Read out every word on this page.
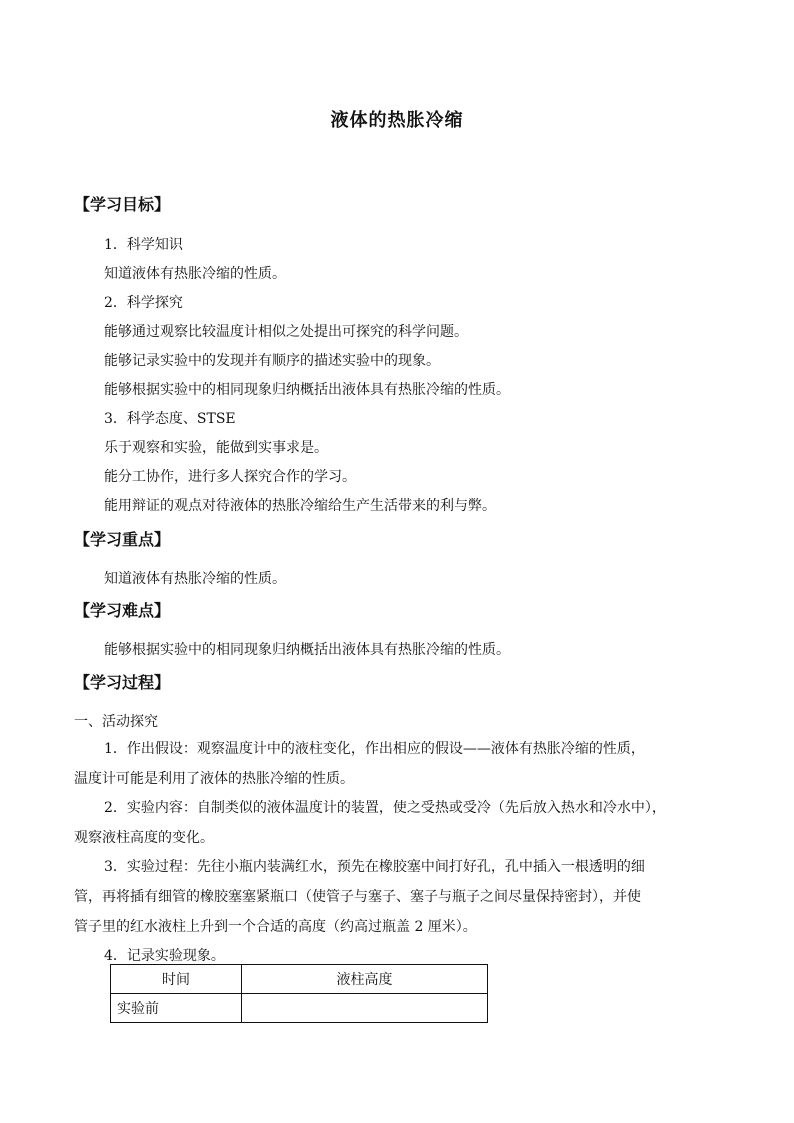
液体的热胀冷缩
【学习目标】
1．科学知识
知道液体有热胀冷缩的性质。
2．科学探究
能够通过观察比较温度计相似之处提出可探究的科学问题。
能够记录实验中的发现并有顺序的描述实验中的现象。
能够根据实验中的相同现象归纳概括出液体具有热胀冷缩的性质。
3．科学态度、STSE
乐于观察和实验，能做到实事求是。
能分工协作，进行多人探究合作的学习。
能用辩证的观点对待液体的热胀冷缩给生产生活带来的利与弊。
【学习重点】
知道液体有热胀冷缩的性质。
【学习难点】
能够根据实验中的相同现象归纳概括出液体具有热胀冷缩的性质。
【学习过程】
一、活动探究
1．作出假设：观察温度计中的液柱变化，作出相应的假设——液体有热胀冷缩的性质，
温度计可能是利用了液体的热胀冷缩的性质。
2．实验内容：自制类似的液体温度计的装置，使之受热或受冷（先后放入热水和冷水中），
观察液柱高度的变化。
3．实验过程：先往小瓶内装满红水，预先在橡胶塞中间打好孔，孔中插入一根透明的细
管，再将插有细管的橡胶塞塞紧瓶口（使管子与塞子、塞子与瓶子之间尽量保持密封），并使
管子里的红水液柱上升到一个合适的高度（约高过瓶盖 2 厘米）。
4．记录实验现象。
时间	液柱高度
实验前	
